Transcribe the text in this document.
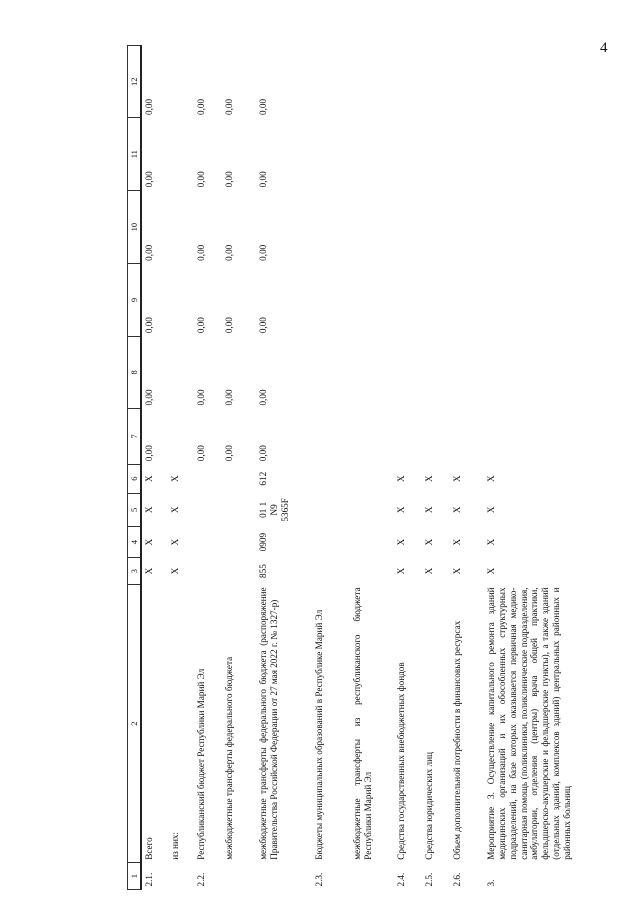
4
1	2	3	4	5	6	7	8	9	10	11	12
2.1.	Всего	X	X	X	X	0,00	0,00	0,00	0,00	0,00	0,00
	из них:	X	X	X	X						
2.2.	Республиканский бюджет Республики Марий Эл					0,00	0,00	0,00	0,00	0,00	0,00
	межбюджетные трансферты федерального бюджета					0,00	0,00	0,00	0,00	0,00	0,00
	межбюджетные трансферты федерального бюджета (распоряжение Правительства Российской Федерации от 27 мая 2022 г. № 1327-р)	855	0909	01 1 N9 5365F	612	0,00	0,00	0,00	0,00	0,00	0,00
2.3.	Бюджеты муниципальных образований в Республике Марий Эл										
	межбюджетные трансферты из республиканского бюджета Республики Марий Эл										
2.4.	Средства государственных внебюджетных фондов	X	X	X	X						
2.5.	Средства юридических лиц	X	X	X	X						
2.6.	Объем дополнительной потребности в финансовых ресурсах	X	X	X	X						
3.	Мероприятие 3. Осуществление капитального ремонта зданий медицинских организаций и их обособленных структурных подразделений, на базе которых оказывается первичная медико-санитарная помощь (поликлиники, поликлинические подразделения, амбулатории, отделения (центры) врача общей практики, фельдшерско-акушерские и фельдшерские пункты), а также зданий (отдельных зданий, комплексов зданий) центральных районных и районных больниц	X	X	X	X						
